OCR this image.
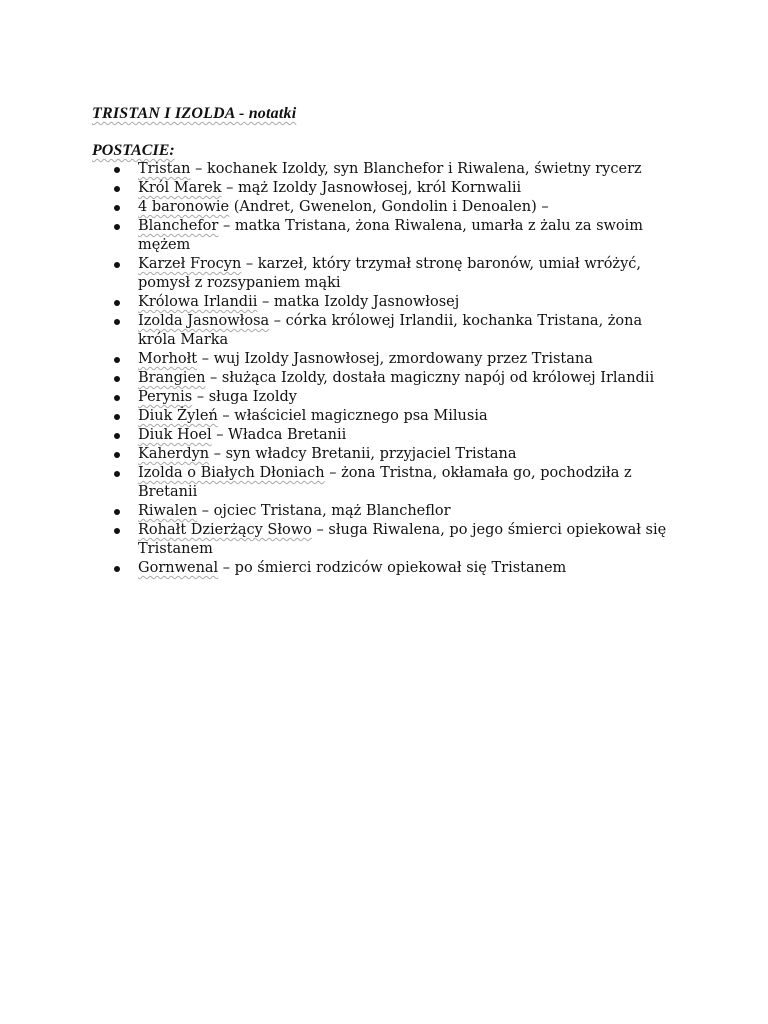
TRISTAN I IZOLDA - notatki
POSTACIE:
Tristan – kochanek Izoldy, syn Blanchefor i Riwalena, świetny rycerz
Król Marek – mąż Izoldy Jasnowłosej, król Kornwalii
4 baronowie (Andret, Gwenelon, Gondolin i Denoalen) –
Blanchefor – matka Tristana, żona Riwalena, umarła z żalu za swoim mężem
Karzeł Frocyn – karzeł, który trzymał stronę baronów, umiał wróżyć, pomysł z rozsypaniem mąki
Królowa Irlandii – matka Izoldy Jasnowłosej
Izolda Jasnowłosa – córka królowej Irlandii, kochanka Tristana, żona króla Marka
Morhołt – wuj Izoldy Jasnowłosej, zmordowany przez Tristana
Brangien – służąca Izoldy, dostała magiczny napój od królowej Irlandii
Perynis – sługa Izoldy
Diuk Żyleń – właściciel magicznego psa Milusia
Diuk Hoel – Władca Bretanii
Kaherdyn – syn władcy Bretanii, przyjaciel Tristana
Izolda o Białych Dłoniach – żona Tristna, okłamała go, pochodziła z Bretanii
Riwalen – ojciec Tristana, mąż Blancheflor
Rohałt Dzierżący Słowo – sługa Riwalena, po jego śmierci opiekował się Tristanem
Gornwenal – po śmierci rodziców opiekował się Tristanem
